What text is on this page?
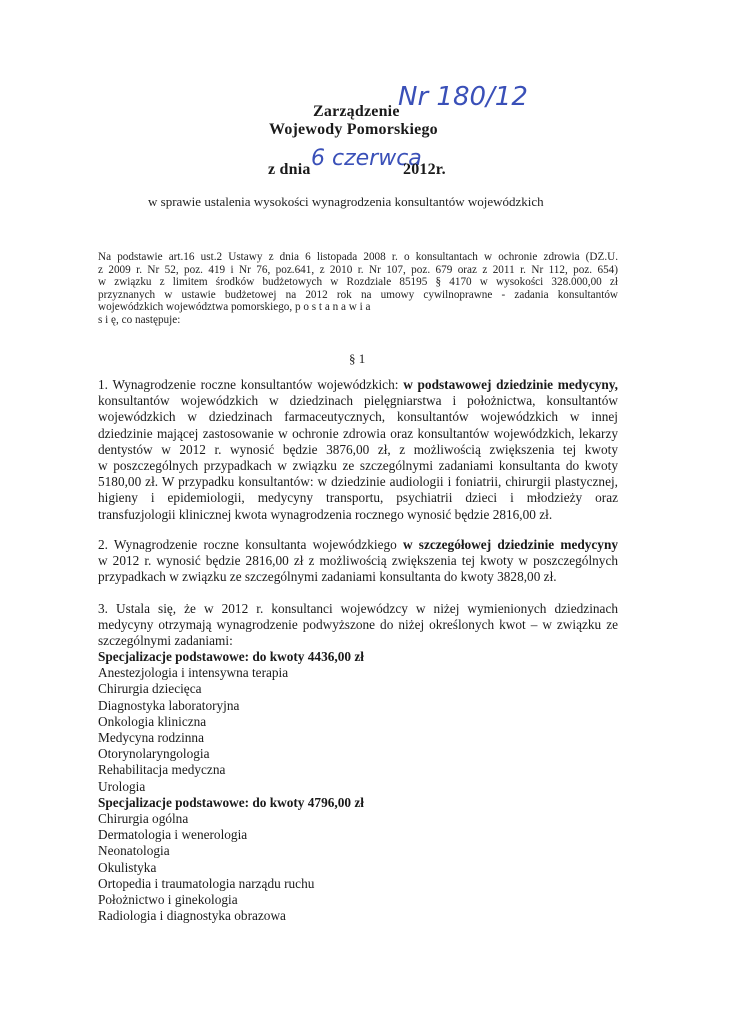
Zarządzenie
Nr 180/12
Wojewody Pomorskiego
z dnia 6 czerwca
2012r.
w sprawie ustalenia wysokości wynagrodzenia konsultantów wojewódzkich

Na podstawie art.16 ust.2 Ustawy z dnia 6 listopada 2008 r. o konsultantach w ochronie zdrowia (DZ.U.

z 2009 r. Nr 52, poz. 419 i Nr 76, poz.641, z 2010 r. Nr 107, poz. 679 oraz z 2011 r. Nr 112, poz. 654)

w związku z limitem środków budżetowych w Rozdziale 85195 § 4170 w wysokości 328.000,00 zł

przyznanych w ustawie budżetowej na 2012 rok na umowy cywilnoprawne - zadania konsultantów

wojewódzkich województwa pomorskiego, p o s t a n a w i a

s i ę, co następuje:

§ 1
1. Wynagrodzenie roczne konsultantów wojewódzkich: w podstawowej dziedzinie medycyny,
konsultantów wojewódzkich w dziedzinach pielęgniarstwa i położnictwa, konsultantów
wojewódzkich w dziedzinach farmaceutycznych, konsultantów wojewódzkich w innej
dziedzinie mającej zastosowanie w ochronie zdrowia oraz konsultantów wojewódzkich, lekarzy
dentystów w 2012 r. wynosić będzie 3876,00 zł, z możliwością zwiększenia tej kwoty
w poszczególnych przypadkach w związku ze szczególnymi zadaniami konsultanta do kwoty
5180,00 zł. W przypadku konsultantów: w dziedzinie audiologii i foniatrii, chirurgii plastycznej,
higieny i epidemiologii, medycyny transportu, psychiatrii dzieci i młodzieży oraz
transfuzjologii klinicznej kwota wynagrodzenia rocznego wynosić będzie 2816,00 zł.
2. Wynagrodzenie roczne konsultanta wojewódzkiego w szczegółowej dziedzinie medycyny
w 2012 r. wynosić będzie 2816,00 zł z możliwością zwiększenia tej kwoty w poszczególnych
przypadkach w związku ze szczególnymi zadaniami konsultanta do kwoty 3828,00 zł.
3. Ustala się, że w 2012 r. konsultanci wojewódzcy w niżej wymienionych dziedzinach
medycyny otrzymają wynagrodzenie podwyższone do niżej określonych kwot – w związku ze
szczególnymi zadaniami:
Specjalizacje podstawowe: do kwoty 4436,00 zł
Anestezjologia i intensywna terapia
Chirurgia dziecięca
Diagnostyka laboratoryjna
Onkologia kliniczna
Medycyna rodzinna
Otorynolaryngologia
Rehabilitacja medyczna
Urologia
Specjalizacje podstawowe: do kwoty 4796,00 zł
Chirurgia ogólna
Dermatologia i wenerologia
Neonatologia
Okulistyka
Ortopedia i traumatologia narządu ruchu
Położnictwo i ginekologia
Radiologia i diagnostyka obrazowa
